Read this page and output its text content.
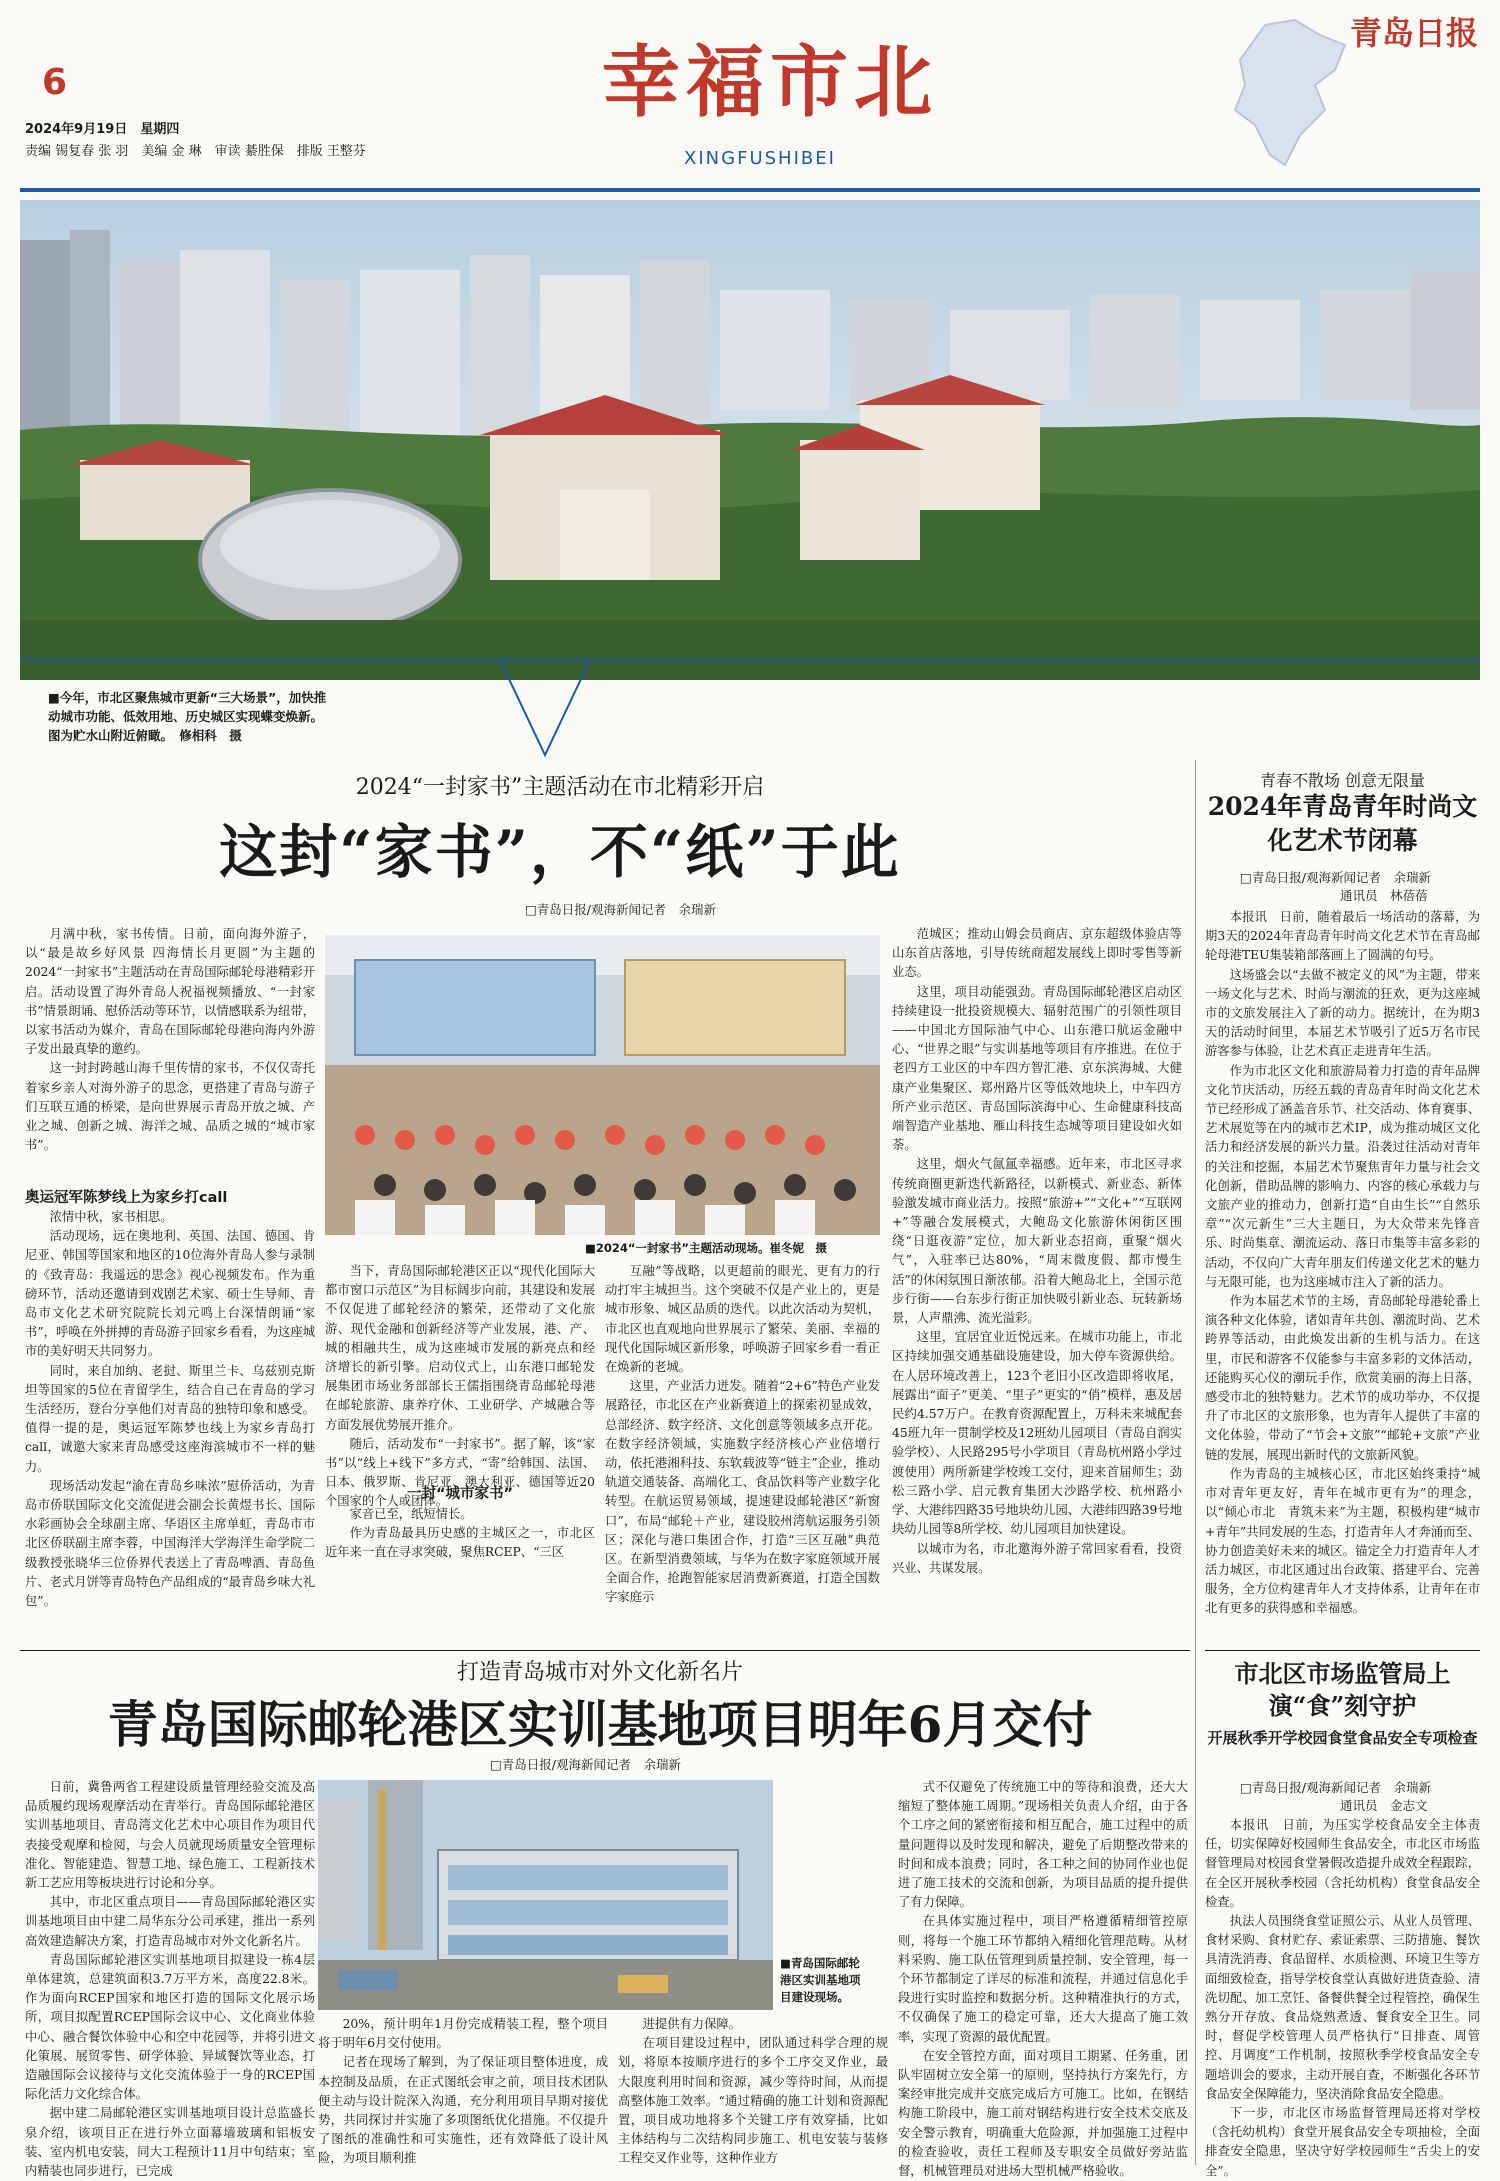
6
2024年9月19日　星期四
责编 锡复春 张 羽　美编 金 琳　审读 綦胜保　排版 王整芬
幸福市北
XINGFUSHIBEI
青岛日报
■今年，市北区聚焦城市更新“三大场景”，加快推动城市功能、低效用地、历史城区实现蝶变焕新。图为贮水山附近俯瞰。　修相科　摄
2024“一封家书”主题活动在市北精彩开启
这封“家书”，不“纸”于此
□青岛日报/观海新闻记者　余瑞新

月满中秋，家书传情。日前，面向海外游子，以“最是故乡好风景 四海情长月更圆”为主题的2024“一封家书”主题活动在青岛国际邮轮母港精彩开启。活动设置了海外青岛人祝福视频播放、“一封家书”情景朗诵、慰侨活动等环节，以情感联系为纽带，以家书活动为媒介，青岛在国际邮轮母港向海内外游子发出最真挚的邀约。

这一封封跨越山海千里传情的家书，不仅仅寄托着家乡亲人对海外游子的思念，更搭建了青岛与游子们互联互通的桥梁，是向世界展示青岛开放之城、产业之城、创新之城、海洋之城、品质之城的“城市家书”。

奥运冠军陈梦线上为家乡打call

浓情中秋，家书相思。

活动现场，远在奥地利、英国、法国、德国、肯尼亚、韩国等国家和地区的10位海外青岛人参与录制的《致青岛：我遥远的思念》视心视频发布。作为重磅环节，活动还邀请到戏剧艺术家、硕士生导师、青岛市文化艺术研究院院长刘元鸣上台深情朗诵“家书”，呼唤在外拼搏的青岛游子回家乡看看，为这座城市的美好明天共同努力。

同时，来自加纳、老挝、斯里兰卡、乌兹别克斯坦等国家的5位在青留学生，结合自己在青岛的学习生活经历，登台分享他们对青岛的独特印象和感受。值得一提的是，奥运冠军陈梦也线上为家乡青岛打call，诚邀大家来青岛感受这座海滨城市不一样的魅力。

现场活动发起“渝在青岛乡味浓”慰侨活动，为青岛市侨联国际文化交流促进会副会长黄煜书长、国际水彩画协会全球副主席、华语区主席单虹，青岛市市北区侨联副主席李蓉，中国海洋大学海洋生命学院二级教授张晓华三位侨界代表送上了青岛啤酒、青岛鱼片、老式月饼等青岛特色产品组成的“最青岛乡味大礼包”。

■2024“一封家书”主题活动现场。崔冬妮　摄

当下，青岛国际邮轮港区正以“现代化国际大都市窗口示范区”为目标阔步向前，其建设和发展不仅促进了邮轮经济的繁荣，还带动了文化旅游、现代金融和创新经济等产业发展，港、产、城的相融共生，成为这座城市发展的新亮点和经济增长的新引擎。启动仪式上，山东港口邮轮发展集团市场业务部部长王儒指围绕青岛邮轮母港在邮轮旅游、康养疗休、工业研学、产城融合等方面发展优势展开推介。

随后，活动发布“一封家书”。据了解，该“家书”以“线上+线下”多方式，“寄”给韩国、法国、日本、俄罗斯、肯尼亚、澳大利亚、德国等近20个国家的个人或团体。

一封“城市家书”

家音已至，纸短情长。

作为青岛最具历史感的主城区之一，市北区近年来一直在寻求突破，聚焦RCEP、“三区

互融”等战略，以更超前的眼光、更有力的行动打牢主城担当。这个突破不仅是产业上的，更是城市形象、城区品质的迭代。以此次活动为契机，市北区也直观地向世界展示了繁荣、美丽、幸福的现代化国际城区新形象，呼唤游子回家乡看一看正在焕新的老城。

这里，产业活力迸发。随着“2+6”特色产业发展路径，市北区在产业新赛道上的探索初显成效，总部经济、数字经济、文化创意等领域多点开花。在数字经济领域，实施数字经济核心产业倍增行动，依托港湘科技、东软载波等“链主”企业，推动轨道交通装备、高端化工、食品饮料等产业数字化转型。在航运贸易领域，提速建设邮轮港区“新窗口”，布局“邮轮＋产业，建设胶州湾航运服务引领区；深化与港口集团合作，打造“三区互融”典范区。在新型消费领域，与华为在数字家庭领域开展全面合作，抢跑智能家居消费新赛道，打造全国数字家庭示

范城区；推动山姆会员商店、京东超级体验店等山东首店落地，引导传统商超发展线上即时零售等新业态。

这里，项目动能强劲。青岛国际邮轮港区启动区持续建设一批投资规模大、辐射范围广的引领性项目——中国北方国际油气中心、山东港口航运金融中心、“世界之眼”与实训基地等项目有序推进。在位于老四方工业区的中车四方智汇港、京东滨海城、大健康产业集聚区、郑州路片区等低效地块上，中车四方所产业示范区、青岛国际滨海中心、生命健康科技高端智造产业基地、雁山科技生态城等项目建设如火如荼。

这里，烟火气氤氲幸福感。近年来，市北区寻求传统商圈更新迭代新路径，以新模式、新业态、新体验激发城市商业活力。按照“旅游+”“文化+”“互联网+”等融合发展模式，大鲍岛文化旅游休闲街区围绕“日逛夜游”定位，加大新业态招商，重聚“烟火气”，入驻率已达80%，“周末微度假、都市慢生活”的休闲氛围日渐浓郁。沿着大鲍岛北上，全国示范步行街——台东步行街正加快吸引新业态、玩转新场景，人声鼎沸、流光溢彩。

这里，宜居宜业近悦远来。在城市功能上，市北区持续加强交通基础设施建设，加大停车资源供给。在人居环境改善上，123个老旧小区改造即将收尾，展露出“面子”更美、“里子”更实的“俏”模样，惠及居民约4.57万户。在教育资源配置上，万科未来城配套45班九年一贯制学校及12班幼儿园项目（青岛自润实验学校）、人民路295号小学项目（青岛杭州路小学过渡使用）两所新建学校竣工交付，迎来首届师生；劲松三路小学、启元教育集团大沙路学校、杭州路小学、大港纬四路35号地块幼儿园、大港纬四路39号地块幼儿园等8所学校、幼儿园项目加快建设。

以城市为名，市北邀海外游子常回家看看，投资兴业、共谋发展。

青春不散场 创意无限量
2024年青岛青年时尚文化艺术节闭幕
□青岛日报/观海新闻记者　余瑞新
通讯员　林蓓蓓

本报讯　日前，随着最后一场活动的落幕，为期3天的2024年青岛青年时尚文化艺术节在青岛邮轮母港TEU集装箱部落画上了圆满的句号。

这场盛会以“去做不被定义的风”为主题，带来一场文化与艺术、时尚与潮流的狂欢，更为这座城市的文旅发展注入了新的动力。据统计，在为期3天的活动时间里，本届艺术节吸引了近5万名市民游客参与体验，让艺术真正走进青年生活。

作为市北区文化和旅游局着力打造的青年品牌文化节庆活动，历经五载的青岛青年时尚文化艺术节已经形成了涵盖音乐节、社交活动、体育赛事、艺术展览等在内的城市艺术IP，成为推动城区文化活力和经济发展的新兴力量。沿袭过往活动对青年的关注和挖掘，本届艺术节聚焦青年力量与社会文化创新，借助品牌的影响力、内容的核心承载力与文旅产业的推动力，创新打造“自由生长”“自然乐章”“次元新生”三大主题日，为大众带来先锋音乐、时尚集章、潮流运动、落日市集等丰富多彩的活动，不仅向广大青年朋友们传递文化艺术的魅力与无限可能，也为这座城市注入了新的活力。

作为本届艺术节的主场，青岛邮轮母港轮番上演各种文化体验，诸如青年共创、潮流时尚、艺术跨界等活动，由此焕发出新的生机与活力。在这里，市民和游客不仅能参与丰富多彩的文体活动，还能购买心仪的潮玩手作，欣赏美丽的海上日落，感受市北的独特魅力。艺术节的成功举办，不仅提升了市北区的文旅形象，也为青年人提供了丰富的文化体验，带动了“节会+文旅”“邮轮+文旅”产业链的发展，展现出新时代的文旅新风貌。

作为青岛的主城核心区，市北区始终秉持“城市对青年更友好，青年在城市更有为”的理念，以“倾心市北　青筑未来”为主题，积极构建“城市+青年”共同发展的生态，打造青年人才奔涌而至、协力创造美好未来的城区。锚定全力打造青年人才活力城区，市北区通过出台政策、搭建平台、完善服务，全方位构建青年人才支持体系，让青年在市北有更多的获得感和幸福感。

打造青岛城市对外文化新名片
青岛国际邮轮港区实训基地项目明年6月交付
□青岛日报/观海新闻记者　余瑞新

日前，冀鲁两省工程建设质量管理经验交流及高品质履约现场观摩活动在青举行。青岛国际邮轮港区实训基地项目、青岛湾文化艺术中心项目作为项目代表接受观摩和检阅，与会人员就现场质量安全管理标准化、智能建造、智慧工地、绿色施工、工程新技术新工艺应用等板块进行讨论和分享。

其中，市北区重点项目——青岛国际邮轮港区实训基地项目由中建二局华东分公司承建，推出一系列高效建造解决方案，打造青岛城市对外文化新名片。

青岛国际邮轮港区实训基地项目拟建设一栋4层单体建筑，总建筑面积3.7万平方米，高度22.8米。作为面向RCEP国家和地区打造的国际文化展示场所，项目拟配置RCEP国际会议中心、文化商业体验中心、融合餐饮体验中心和空中花园等，并将引进文化策展、展贸零售、研学体验、异域餐饮等业态，打造融国际会议接待与文化交流体验于一身的RCEP国际化活力文化综合体。

据中建二局邮轮港区实训基地项目设计总监盛长泉介绍，该项目正在进行外立面幕墙玻璃和铝板安装、室内机电安装，同大工程预计11月中旬结束；室内精装也同步进行，已完成

■青岛国际邮轮港区实训基地项目建设现场。

20%，预计明年1月份完成精装工程，整个项目将于明年6月交付使用。

记者在现场了解到，为了保证项目整体进度，成本控制及品质，在正式图纸会审之前，项目技术团队便主动与设计院深入沟通，充分利用项目早期对接优势，共同探讨并实施了多项图纸优化措施。不仅提升了图纸的准确性和可实施性，还有效降低了设计风险，为项目顺利推

进提供有力保障。

在项目建设过程中，团队通过科学合理的规划，将原本按顺序进行的多个工序交叉作业，最大限度利用时间和资源，减少等待时间，从而提高整体施工效率。“通过精确的施工计划和资源配置，项目成功地将多个关键工序有效穿插，比如主体结构与二次结构同步施工、机电安装与装修工程交叉作业等，这种作业方

式不仅避免了传统施工中的等待和浪费，还大大缩短了整体施工周期。”现场相关负责人介绍，由于各个工序之间的紧密衔接和相互配合，施工过程中的质量问题得以及时发现和解决，避免了后期整改带来的时间和成本浪费；同时，各工种之间的协同作业也促进了施工技术的交流和创新，为项目品质的提升提供了有力保障。

在具体实施过程中，项目严格遵循精细管控原则，将每一个施工环节都纳入精细化管理范畴。从材料采购、施工队伍管理到质量控制、安全管理，每一个环节都制定了详尽的标准和流程，并通过信息化手段进行实时监控和数据分析。这种精准执行的方式，不仅确保了施工的稳定可靠，还大大提高了施工效率，实现了资源的最优配置。

在安全管控方面，面对项目工期紧、任务重，团队牢固树立安全第一的原则，坚持执行方案先行，方案经审批完成并交底完成后方可施工。比如，在钢结构施工阶段中，施工前对钢结构进行安全技术交底及安全警示教育，明确重大危险源，并加强施工过程中的检查验收，责任工程师及专职安全员做好旁站监督，机械管理员对进场大型机械严格验收。

市北区市场监管局上演“食”刻守护
开展秋季开学校园食堂食品安全专项检查
□青岛日报/观海新闻记者　余瑞新
通讯员　金志文

本报讯　日前，为压实学校食品安全主体责任，切实保障好校园师生食品安全，市北区市场监督管理局对校园食堂暑假改造提升成效全程跟踪，在全区开展秋季校园（含托幼机构）食堂食品安全检查。

执法人员围绕食堂证照公示、从业人员管理、食材采购、食材贮存、索证索票、三防措施、餐饮具清洗消毒、食品留样、水质检测、环境卫生等方面细致检查，指导学校食堂认真做好进货查验、清洗切配、加工烹饪、备餐供餐全过程管控，确保生熟分开存放、食品烧熟煮透、餐食安全卫生。同时，督促学校管理人员严格执行“日排查、周管控、月调度”工作机制，按照秋季学校食品安全专题培训会的要求，主动开展自查，不断强化各环节食品安全保障能力，坚决消除食品安全隐患。

下一步，市北区市场监督管理局还将对学校（含托幼机构）食堂开展食品安全专项抽检，全面排查安全隐患，坚决守好学校园师生“舌尖上的安全”。
